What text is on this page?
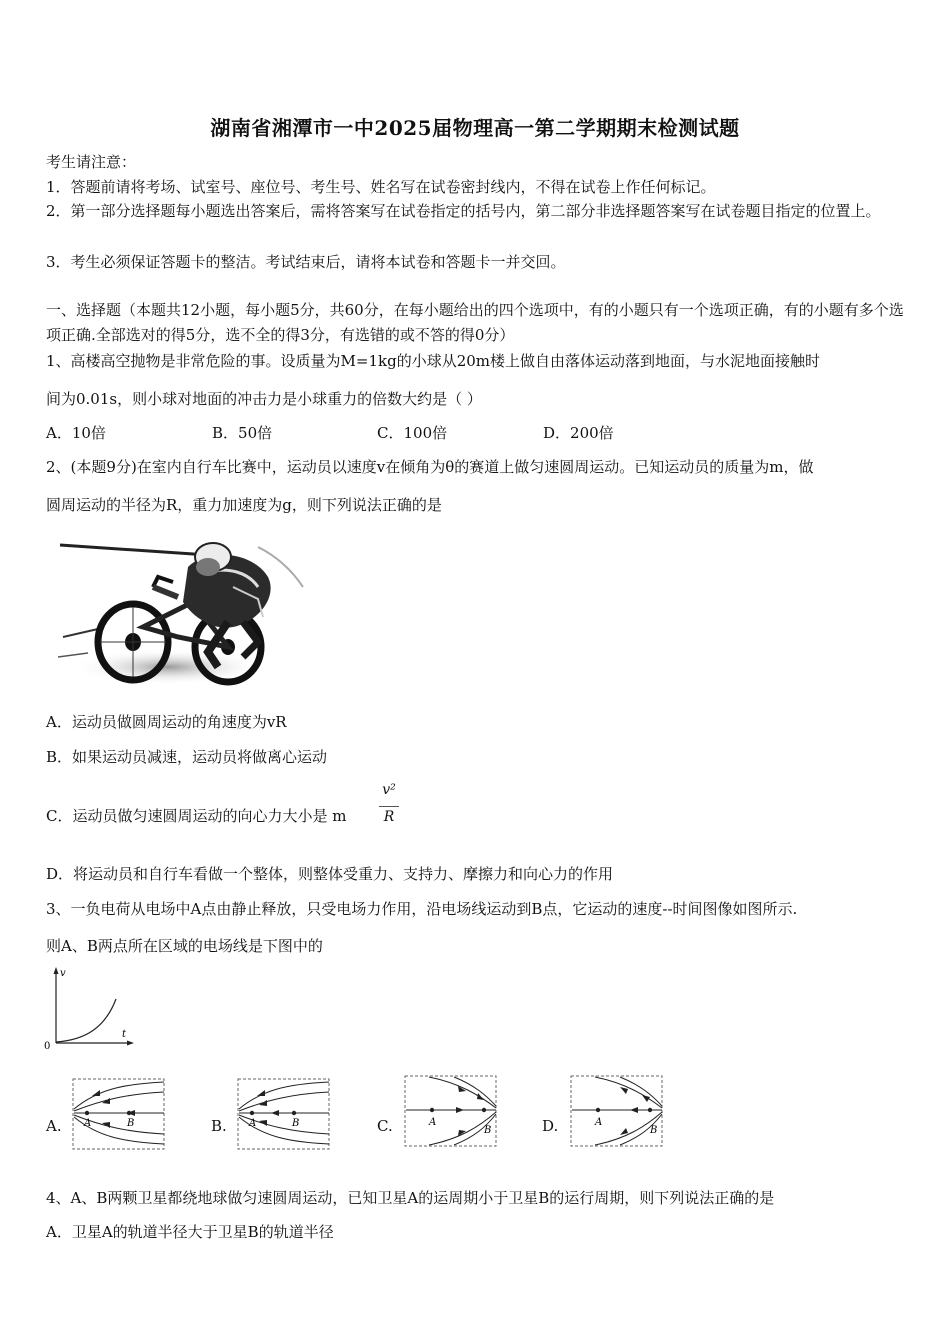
湖南省湘潭市一中2025届物理高一第二学期期末检测试题
考生请注意：
1．答题前请将考场、试室号、座位号、考生号、姓名写在试卷密封线内，不得在试卷上作任何标记。
2．第一部分选择题每小题选出答案后，需将答案写在试卷指定的括号内，第二部分非选择题答案写在试卷题目指定的位置上。
3．考生必须保证答题卡的整洁。考试结束后，请将本试卷和答题卡一并交回。
一、选择题（本题共12小题，每小题5分，共60分，在每小题给出的四个选项中，有的小题只有一个选项正确，有的小题有多个选项正确.全部选对的得5分，选不全的得3分，有选错的或不答的得0分）
1、高楼高空抛物是非常危险的事。设质量为M=1kg的小球从20m楼上做自由落体运动落到地面，与水泥地面接触时
间为0.01s，则小球对地面的冲击力是小球重力的倍数大约是（ ）
A．10倍	B．50倍	C．100倍	D．200倍
2、(本题9分)在室内自行车比赛中，运动员以速度v在倾角为θ的赛道上做匀速圆周运动。已知运动员的质量为m，做
圆周运动的半径为R，重力加速度为g，则下列说法正确的是
A．运动员做圆周运动的角速度为vR
B．如果运动员减速，运动员将做离心运动
C．运动员做匀速圆周运动的向心力大小是 m
v²
R
D．将运动员和自行车看做一个整体，则整体受重力、支持力、摩擦力和向心力的作用
3、一负电荷从电场中A点由静止释放，只受电场力作用，沿电场线运动到B点，它运动的速度--时间图像如图所示.
则A、B两点所在区域的电场线是下图中的
v
t
0
A.	B.	C.	D.
A	B	A	B	A
B
A
B
4、A、B两颗卫星都绕地球做匀速圆周运动，已知卫星A的运周期小于卫星B的运行周期，则下列说法正确的是
A．卫星A的轨道半径大于卫星B的轨道半径
